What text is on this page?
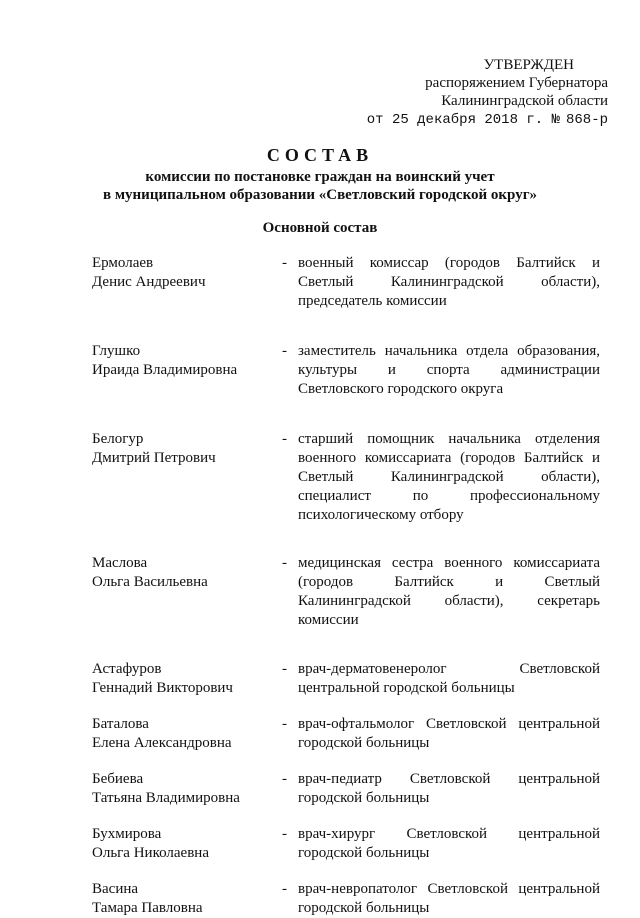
УТВЕРЖДЕН
распоряжением Губернатора
Калининградской области
от 25 декабря 2018 г. № 868-р
СОСТАВ
комиссии по постановке граждан на воинский учет
в муниципальном образовании «Светловский городской округ»
Основной состав
Ермолаев
Денис Андреевич
- военный комиссар (городов Балтийск и Светлый Калининградской области), председатель комиссии
Глушко
Ираида Владимировна
- заместитель начальника отдела образования, культуры и спорта администрации Светловского городского округа
Белогур
Дмитрий Петрович
- старший помощник начальника отделения военного комиссариата (городов Балтийск и Светлый Калининградской области), специалист по профессиональному психологическому отбору
Маслова
Ольга Васильевна
- медицинская сестра военного комиссариата (городов Балтийск и Светлый Калининградской области), секретарь комиссии
Астафуров
Геннадий Викторович
- врач-дерматовенеролог Светловской центральной городской больницы
Баталова
Елена Александровна
- врач-офтальмолог Светловской центральной городской больницы
Бебиева
Татьяна Владимировна
- врач-педиатр Светловской центральной городской больницы
Бухмирова
Ольга Николаевна
- врач-хирург Светловской центральной городской больницы
Васина
Тамара Павловна
- врач-невропатолог Светловской центральной городской больницы
